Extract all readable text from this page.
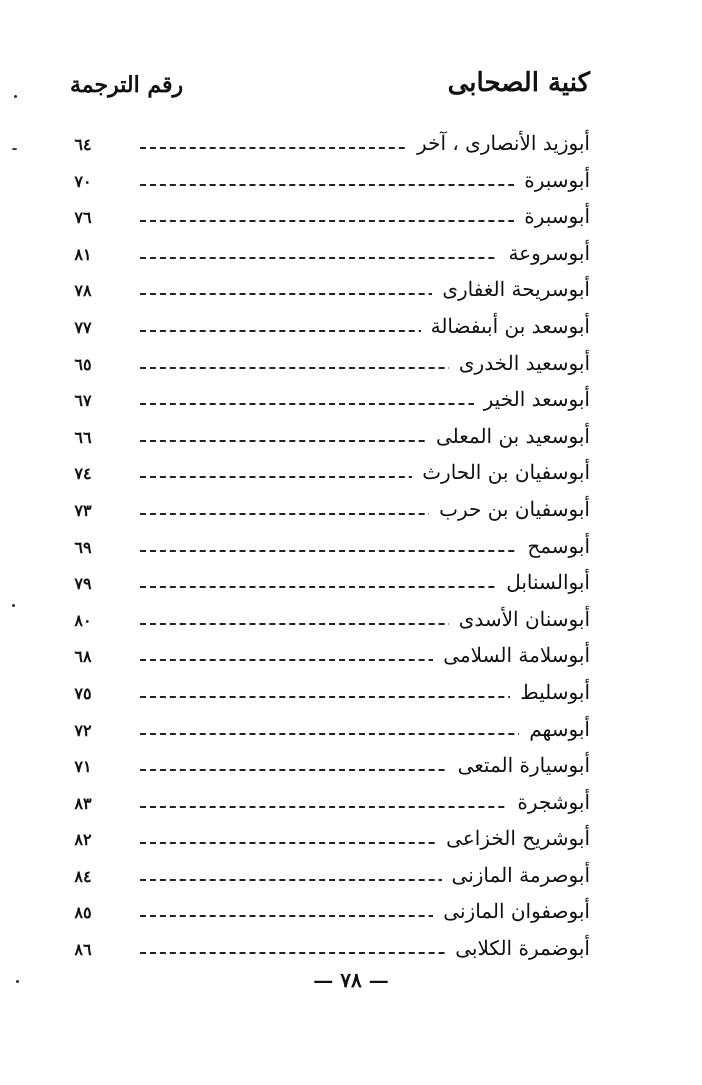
كنية الصحابى
رقم الترجمة
أبوزيد الأنصارى ، آخر
٦٤
أبوسبرة
٧٠
أبوسبرة
٧٦
أبوسروعة
٨١
أبوسريحة الغفارى
٧٨
أبوسعد بن أبىفضالة
٧٧
أبوسعيد الخدرى
٦٥
أبوسعد الخير
٦٧
أبوسعيد بن المعلى
٦٦
أبوسفيان بن الحارث
٧٤
أبوسفيان بن حرب
٧٣
أبوسمح
٦٩
أبوالسنابل
٧٩
أبوسنان الأسدى
٨٠
أبوسلامة السلامى
٦٨
أبوسليط
٧٥
أبوسهم
٧٢
أبوسيارة المتعى
٧١
أبوشجرة
٨٣
أبوشريح الخزاعى
٨٢
أبوصرمة المازنى
٨٤
أبوصفوان المازنى
٨٥
أبوضمرة الكلابى
٨٦
— ٧٨ —
